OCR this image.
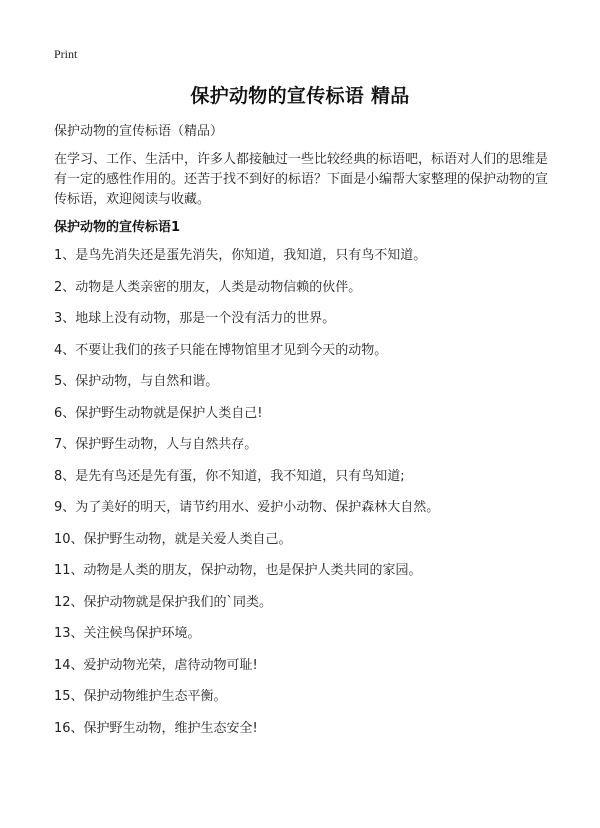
Print
保护动物的宣传标语 精品

保护动物的宣传标语（精品）

在学习、工作、生活中，许多人都接触过一些比较经典的标语吧，标语对人们的思维是有一定的感性作用的。还苦于找不到好的标语？下面是小编帮大家整理的保护动物的宣传标语，欢迎阅读与收藏。

保护动物的宣传标语1
1、是鸟先消失还是蛋先消失，你知道，我知道，只有鸟不知道。
2、动物是人类亲密的朋友，人类是动物信赖的伙伴。
3、地球上没有动物，那是一个没有活力的世界。
4、不要让我们的孩子只能在博物馆里才见到今天的动物。
5、保护动物，与自然和谐。
6、保护野生动物就是保护人类自己!
7、保护野生动物，人与自然共存。
8、是先有鸟还是先有蛋，你不知道，我不知道，只有鸟知道;
9、为了美好的明天，请节约用水、爱护小动物、保护森林大自然。
10、保护野生动物，就是关爱人类自己。
11、动物是人类的朋友，保护动物，也是保护人类共同的家园。
12、保护动物就是保护我们的`同类。
13、关注候鸟保护环境。
14、爱护动物光荣，虐待动物可耻!
15、保护动物维护生态平衡。
16、保护野生动物，维护生态安全!
